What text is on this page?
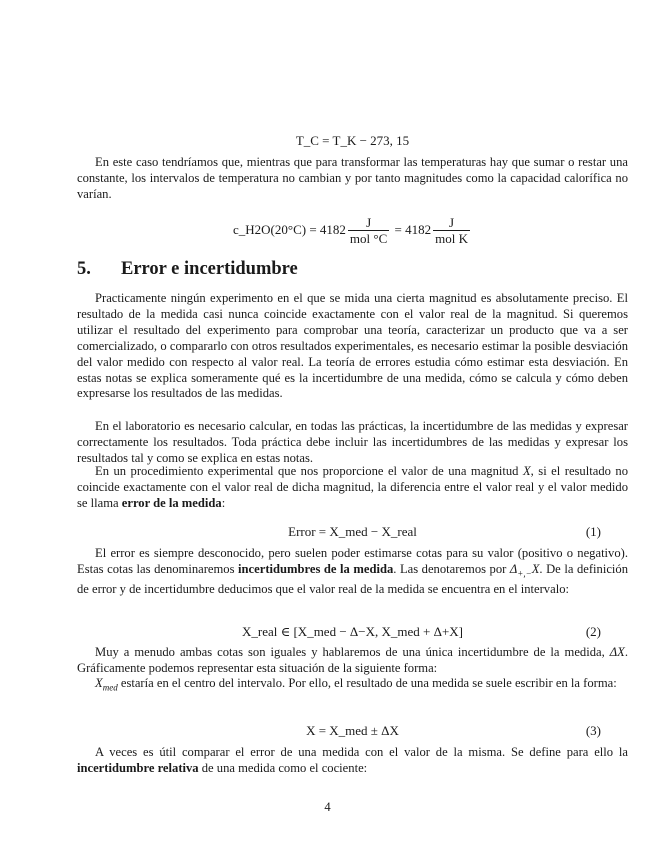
T_C = T_K − 273, 15

En este caso tendríamos que, mientras que para transformar las temperaturas hay que sumar o restar una constante, los intervalos de temperatura no cambian y por tanto magnitudes como la capacidad calorífica no varían.

c_H2O(20°C) = $4182 \frac{J}{\text{mol °C}} = 4182 \frac{J}{\text{mol K}}$
5. Error e incertidumbre

Practicamente ningún experimento en el que se mida una cierta magnitud es absolutamente preciso. El resultado de la medida casi nunca coincide exactamente con el valor real de la magnitud. Si queremos utilizar el resultado del experimento para comprobar una teoría, caracterizar un producto que va a ser comercializado, o compararlo con otros resultados experimentales, es necesario estimar la posible desviación del valor medido con respecto al valor real. La teoría de errores estudia cómo estimar esta desviación. En estas notas se explica someramente qué es la incertidumbre de una medida, cómo se calcula y cómo deben expresarse los resultados de las medidas.

En el laboratorio es necesario calcular, en todas las prácticas, la incertidumbre de las medidas y expresar correctamente los resultados. Toda práctica debe incluir las incertidumbres de las medidas y expresar los resultados tal y como se explica en estas notas.

En un procedimiento experimental que nos proporcione el valor de una magnitud X, si el resultado no coincide exactamente con el valor real de dicha magnitud, la diferencia entre el valor real y el valor medido se llama error de la medida:

Error = X_med − X_real	(1)

El error es siempre desconocido, pero suelen poder estimarse cotas para su valor (positivo o negativo). Estas cotas las denominaremos incertidumbres de la medida. Las denotaremos por $\Delta_{+,-}X$. De la definición de error y de incertidumbre deducimos que el valor real de la medida se encuentra en el intervalo:

X_real ∈ [X_med − Δ−X, X_med + Δ+X]	(2)

Muy a menudo ambas cotas son iguales y hablaremos de una única incertidumbre de la medida, ΔX. Gráficamente podemos representar esta situación de la siguiente forma:

$X_{med}$ estaría en el centro del intervalo. Por ello, el resultado de una medida se suele escribir en la forma:

X = X_med ± ΔX	(3)

A veces es útil comparar el error de una medida con el valor de la misma. Se define para ello la incertidumbre relativa de una medida como el cociente:

4
